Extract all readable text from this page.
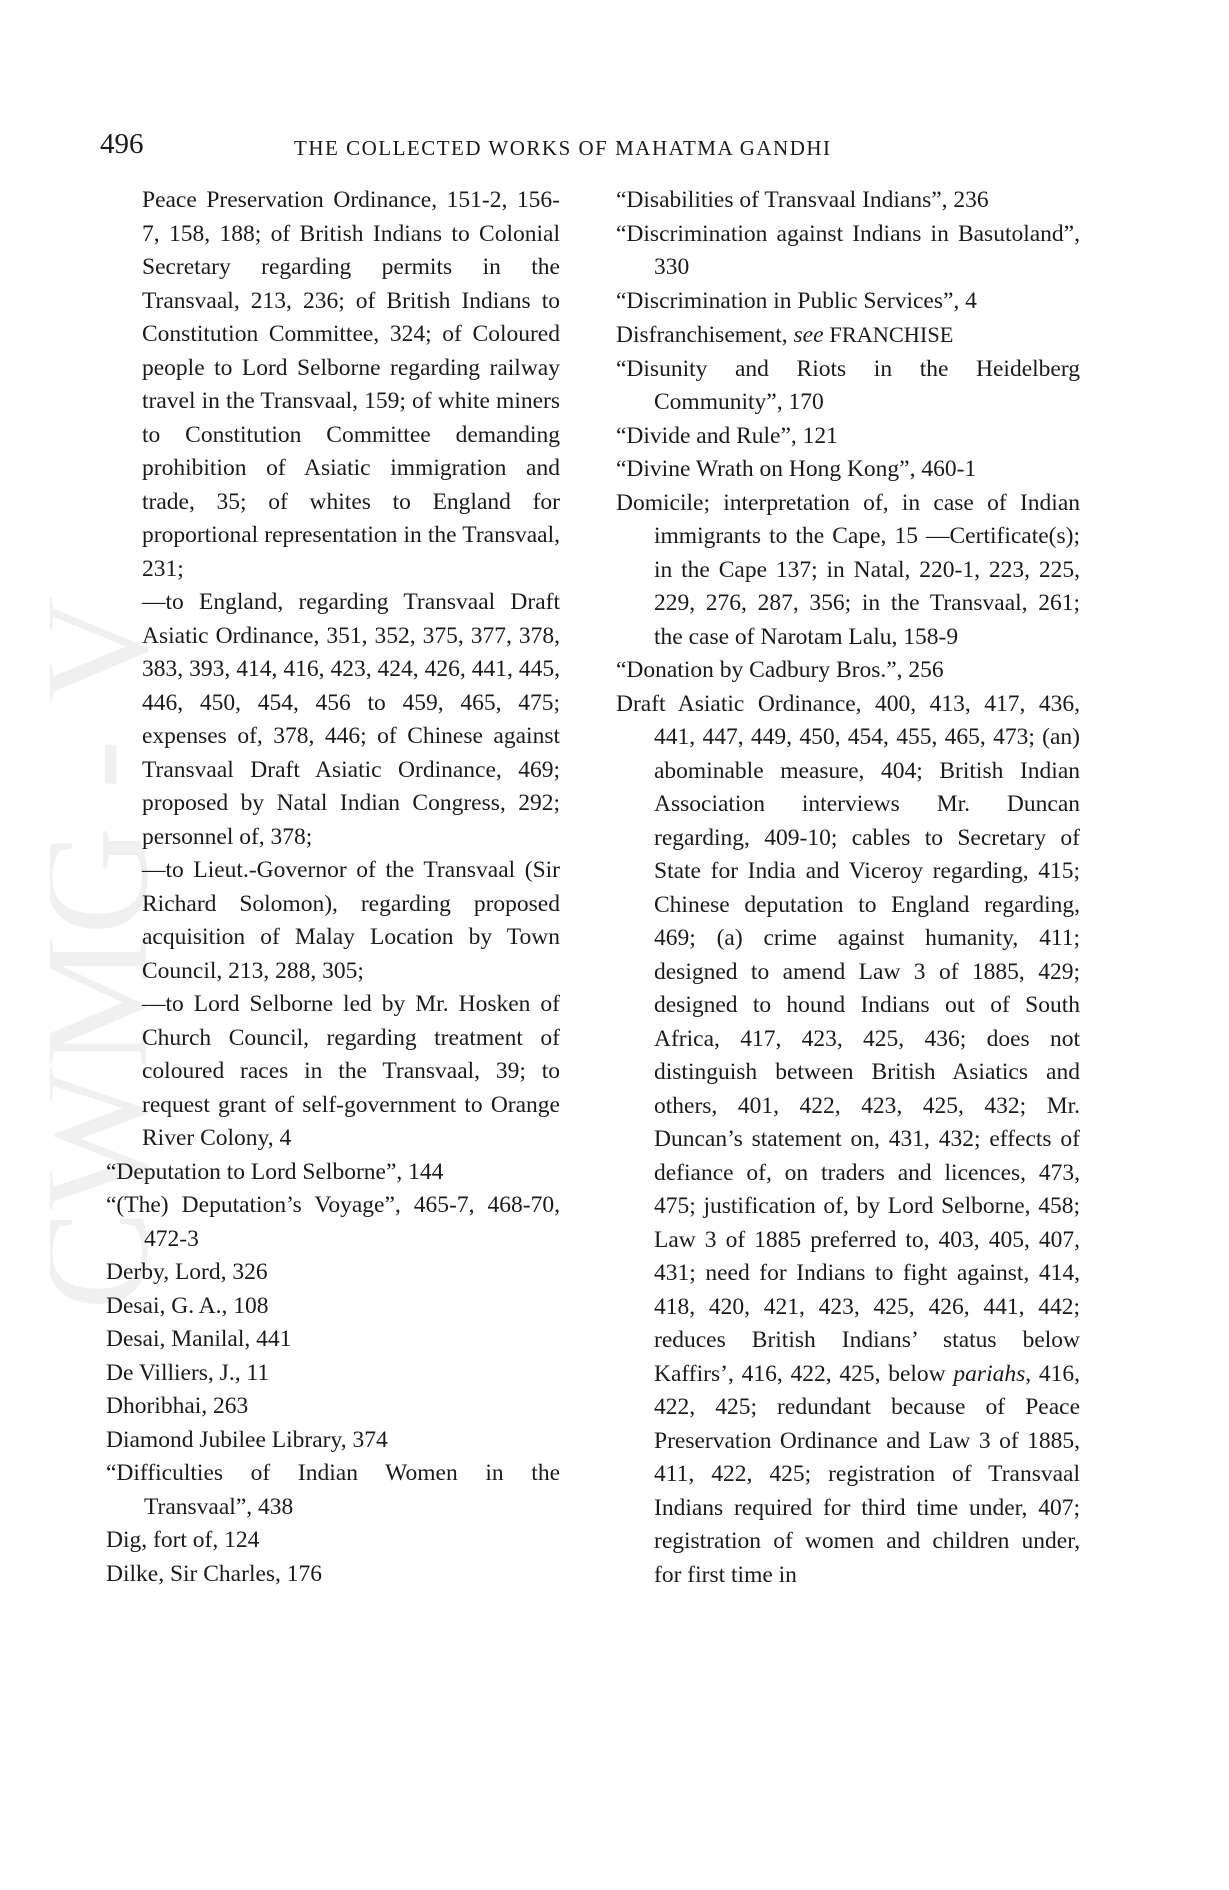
496	THE COLLECTED WORKS OF MAHATMA GANDHI
CWMG

Peace Preservation Ordinance, 151-2, 156-7, 158, 188; of British Indians to Colonial Secretary regarding permits in the Transvaal, 213, 236; of British Indians to Constitution Committee, 324; of Coloured people to Lord Selborne regarding railway travel in the Transvaal, 159; of white miners to Constitution Committee demanding prohibition of Asiatic immigration and trade, 35; of whites to England for proportional representation in the Transvaal, 231;

—to England, regarding Transvaal Draft Asiatic Ordinance, 351, 352, 375, 377, 378, 383, 393, 414, 416, 423, 424, 426, 441, 445, 446, 450, 454, 456 to 459, 465, 475; expenses of, 378, 446; of Chinese against Transvaal Draft Asiatic Ordinance, 469; proposed by Natal Indian Congress, 292; personnel of, 378;

—to Lieut.-Governor of the Transvaal (Sir Richard Solomon), regarding proposed acquisition of Malay Location by Town Council, 213, 288, 305;

—to Lord Selborne led by Mr. Hosken of Church Council, regarding treatment of coloured races in the Transvaal, 39; to request grant of self-government to Orange River Colony, 4

“Deputation to Lord Selborne”, 144

“(The) Deputation’s Voyage”, 465-7, 468-70, 472-3

Derby, Lord, 326

Desai, G. A., 108

Desai, Manilal, 441

De Villiers, J., 11

Dhoribhai, 263

Diamond Jubilee Library, 374

“Difficulties of Indian Women in the Transvaal”, 438

Dig, fort of, 124

Dilke, Sir Charles, 176

“Disabilities of Transvaal Indians”, 236

“Discrimination against Indians in Basutoland”, 330

“Discrimination in Public Services”, 4

Disfranchisement, see FRANCHISE

“Disunity and Riots in the Heidelberg Community”, 170

“Divide and Rule”, 121

“Divine Wrath on Hong Kong”, 460-1

Domicile; interpretation of, in case of Indian immigrants to the Cape, 15 —Certificate(s); in the Cape 137; in Natal, 220-1, 223, 225, 229, 276, 287, 356; in the Transvaal, 261; the case of Narotam Lalu, 158-9

“Donation by Cadbury Bros.”, 256

Draft Asiatic Ordinance, 400, 413, 417, 436, 441, 447, 449, 450, 454, 455, 465, 473; (an) abominable measure, 404; British Indian Association interviews Mr. Duncan regarding, 409-10; cables to Secretary of State for India and Viceroy regarding, 415; Chinese deputation to England regarding, 469; (a) crime against humanity, 411; designed to amend Law 3 of 1885, 429; designed to hound Indians out of South Africa, 417, 423, 425, 436; does not distinguish between British Asiatics and others, 401, 422, 423, 425, 432; Mr. Duncan’s statement on, 431, 432; effects of defiance of, on traders and licences, 473, 475; justification of, by Lord Selborne, 458; Law 3 of 1885 preferred to, 403, 405, 407, 431; need for Indians to fight against, 414, 418, 420, 421, 423, 425, 426, 441, 442; reduces British Indians’ status below Kaffirs’, 416, 422, 425, below pariahs, 416, 422, 425; redundant because of Peace Preservation Ordinance and Law 3 of 1885, 411, 422, 425; registration of Transvaal Indians required for third time under, 407; registration of women and children under, for first time in
